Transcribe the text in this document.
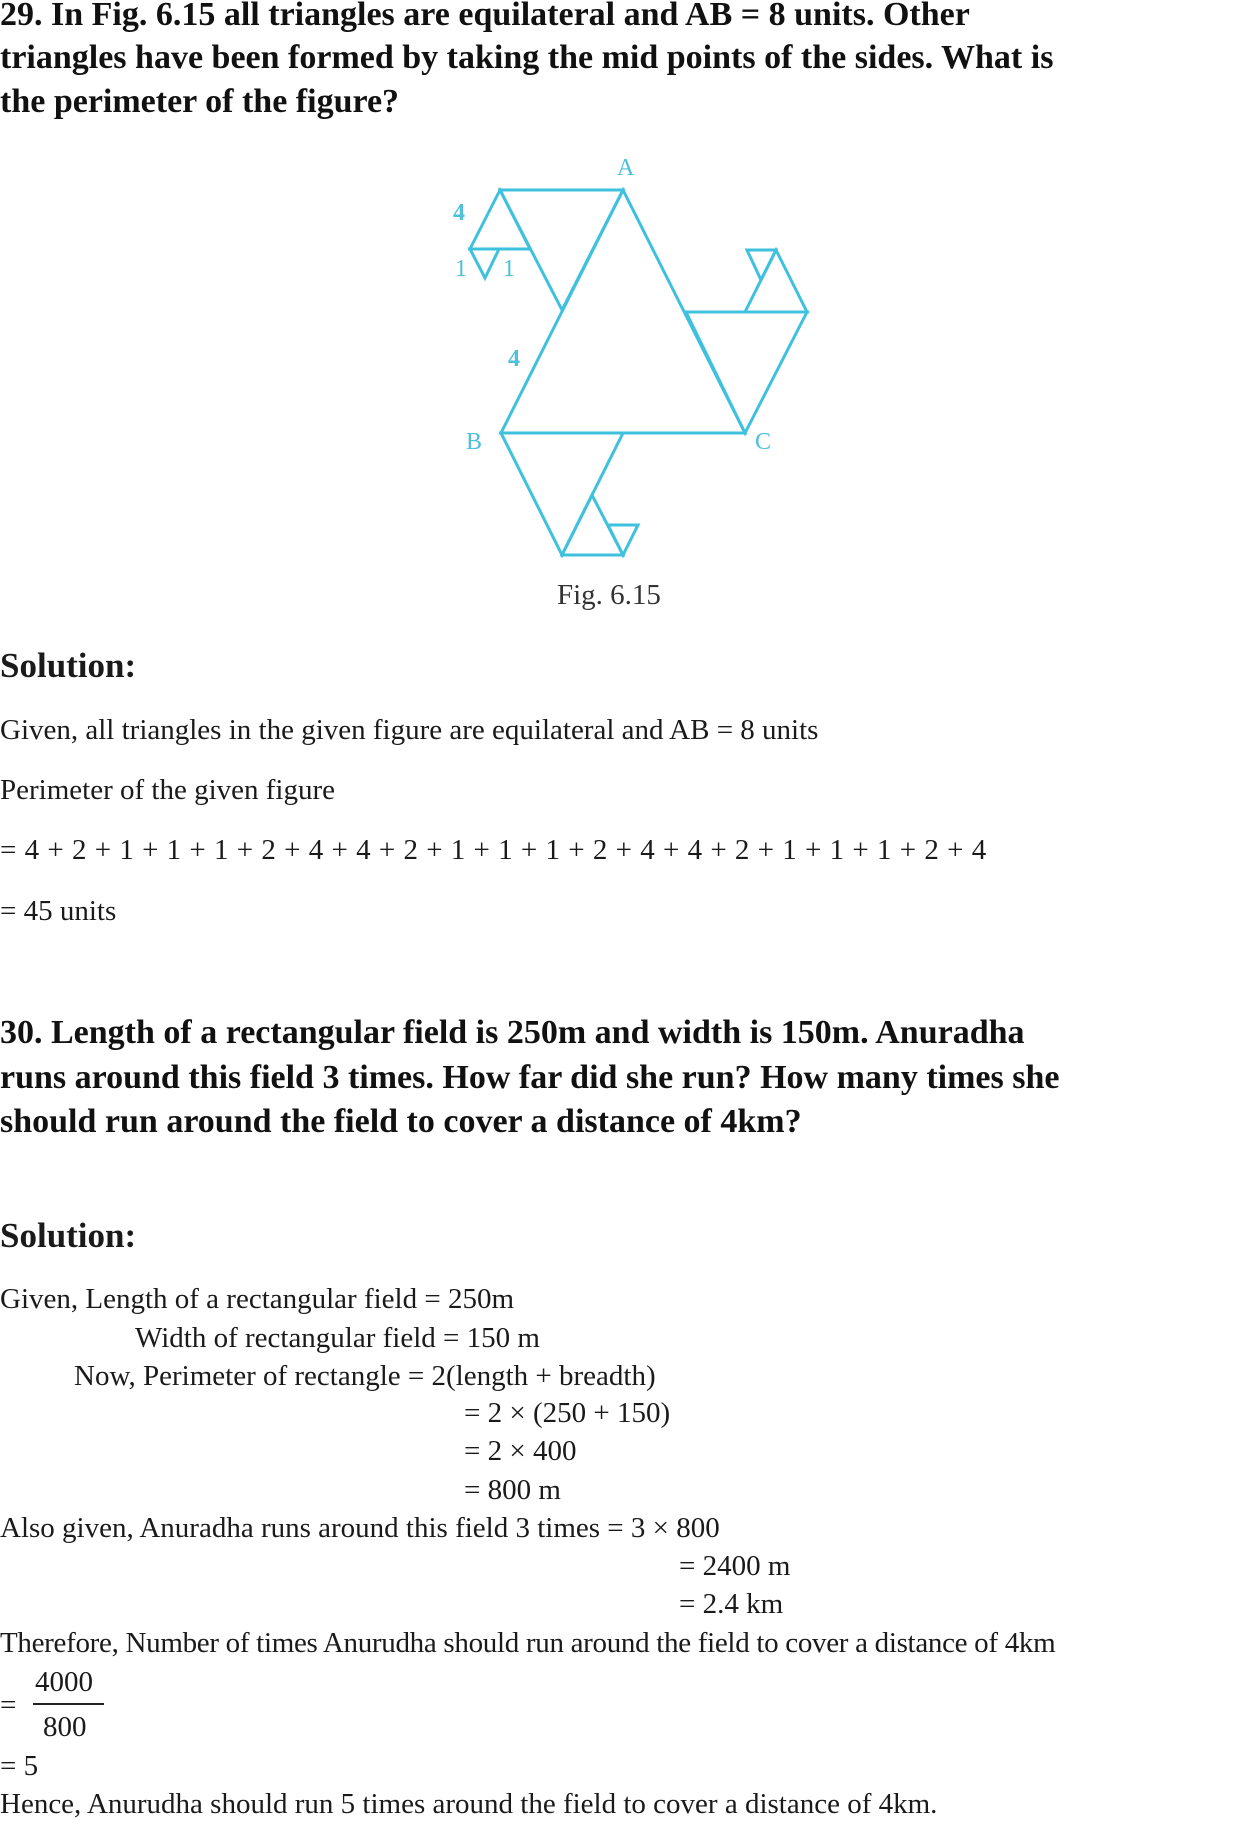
29. In Fig. 6.15 all triangles are equilateral and AB = 8 units. Other
triangles have been formed by taking the mid points of the sides. What is
the perimeter of the figure?
A
B	C
4
1 1
4
Fig. 6.15
Solution:
Given, all triangles in the given figure are equilateral and AB = 8 units
Perimeter of the given figure
= 4 + 2 + 1 + 1 + 1 + 2 + 4 + 4 + 2 + 1 + 1 + 1 + 2 + 4 + 4 + 2 + 1 + 1 + 1 + 2 + 4
= 45 units
30. Length of a rectangular field is 250m and width is 150m. Anuradha
runs around this field 3 times. How far did she run? How many times she
should run around the field to cover a distance of 4km?
Solution:
Given, Length of a rectangular field = 250m
Width of rectangular field = 150 m
Now, Perimeter of rectangle = 2(length + breadth)
= 2 × (250 + 150)
= 2 × 400
= 800 m
Also given, Anuradha runs around this field 3 times = 3 × 800
= 2400 m
= 2.4 km
Therefore, Number of times Anurudha should run around the field to cover a distance of 4km
=
4000
800
= 5
Hence, Anurudha should run 5 times around the field to cover a distance of 4km.
